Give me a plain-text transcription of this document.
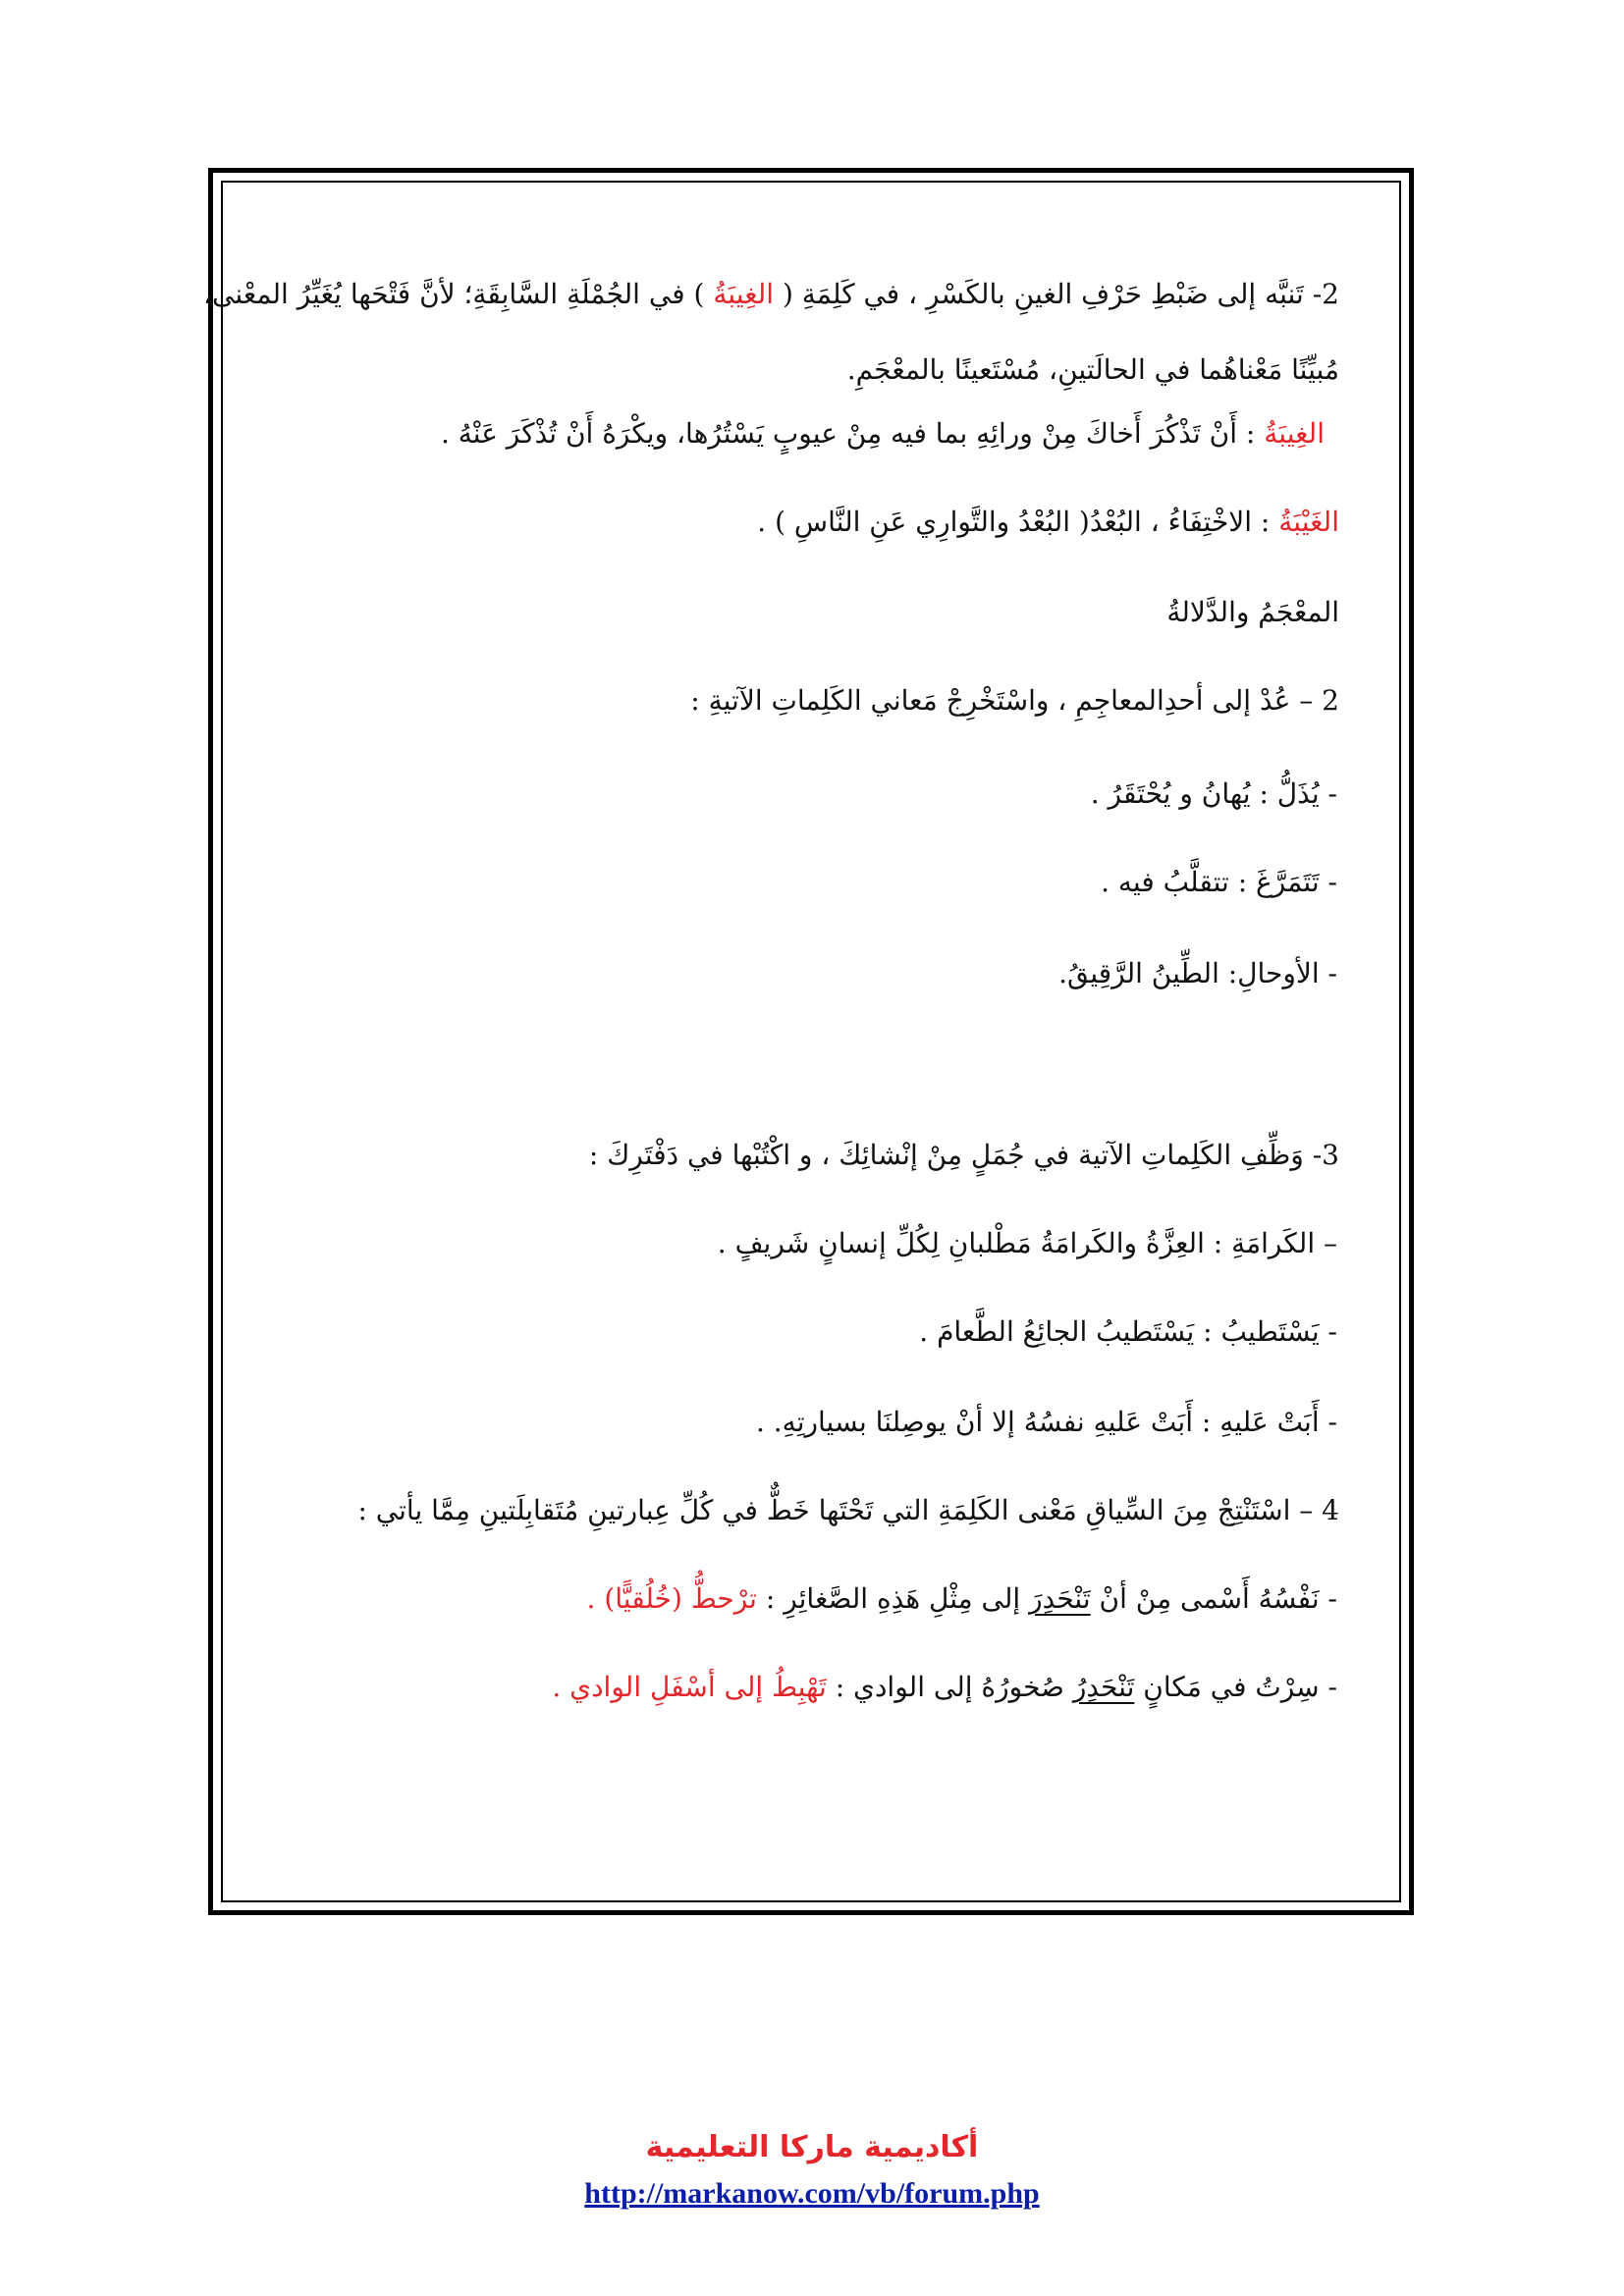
2- تَنبَّه إلى ضَبْطِ حَرْفِ الغينِ بالكَسْرِ ، في كَلِمَةِ ( الغِيبَةُ ) في الجُمْلَةِ السَّابِقَةِ؛ لأنَّ فَتْحَها يُغَيِّرُ المعْنى،
مُبيِّنًا مَعْناهُما في الحالَتينِ، مُسْتَعينًا بالمعْجَمِ.
الغِيبَةُ : أَنْ تَذْكُرَ أَخاكَ مِنْ ورائِهِ بما فيه مِنْ عيوبٍ يَسْتُرُها، ويكْرَهُ أَنْ تُذْكَرَ عَنْهُ .
الغَيْبَةُ : الاخْتِفَاءُ ، البُعْدُ( البُعْدُ والتَّوارِي عَنِ النَّاسِ ) .
المعْجَمُ والدَّلالةُ
2 – عُدْ إلى أحدِالمعاجِمِ ، واسْتَخْرِجْ مَعاني الكَلِماتِ الآتيةِ :
- يُذَلُّ : يُهانُ و يُحْتَقَرُ .
- تَتَمَرَّغَ : تتقلَّبُ فيه .
- الأوحالِ: الطِّينُ الرَّقِيقُ.
3- وَظِّفِ الكَلِماتِ الآتية في جُمَلٍ مِنْ إنْشائِكَ ، و اكْتُبْها في دَفْتَرِكَ :
– الكَرامَةِ : العِزَّةُ والكَرامَةُ مَطْلبانِ لِكُلِّ إنسانٍ شَريفٍ .
- يَسْتَطيبُ : يَسْتَطيبُ الجائِعُ الطَّعامَ .
- أَبَتْ عَليهِ : أَبَتْ عَليهِ نفسُهُ إلا أنْ يوصِلنَا بسيارتِهِ. .
4 – اسْتَنْتِجْ مِنَ السِّياقِ مَعْنى الكَلِمَةِ التي تَحْتَها خَطٌّ في كُلِّ عِبارتينِ مُتَقابِلَتينِ مِمَّا يأتي :
- نَفْسُهُ أَسْمى مِنْ أنْ تَنْحَدِرَ إلى مِثْلِ هَذِهِ الصَّغائِرِ : ترْحطُّ (خُلُقيًّا) .
- سِرْتُ في مَكانٍ تَنْحَدِرُ صُخورُهُ إلى الوادي : تَهْبِطُ إلى أسْفَلِ الوادي .
أكاديمية ماركا التعليمية
http://markanow.com/vb/forum.php
